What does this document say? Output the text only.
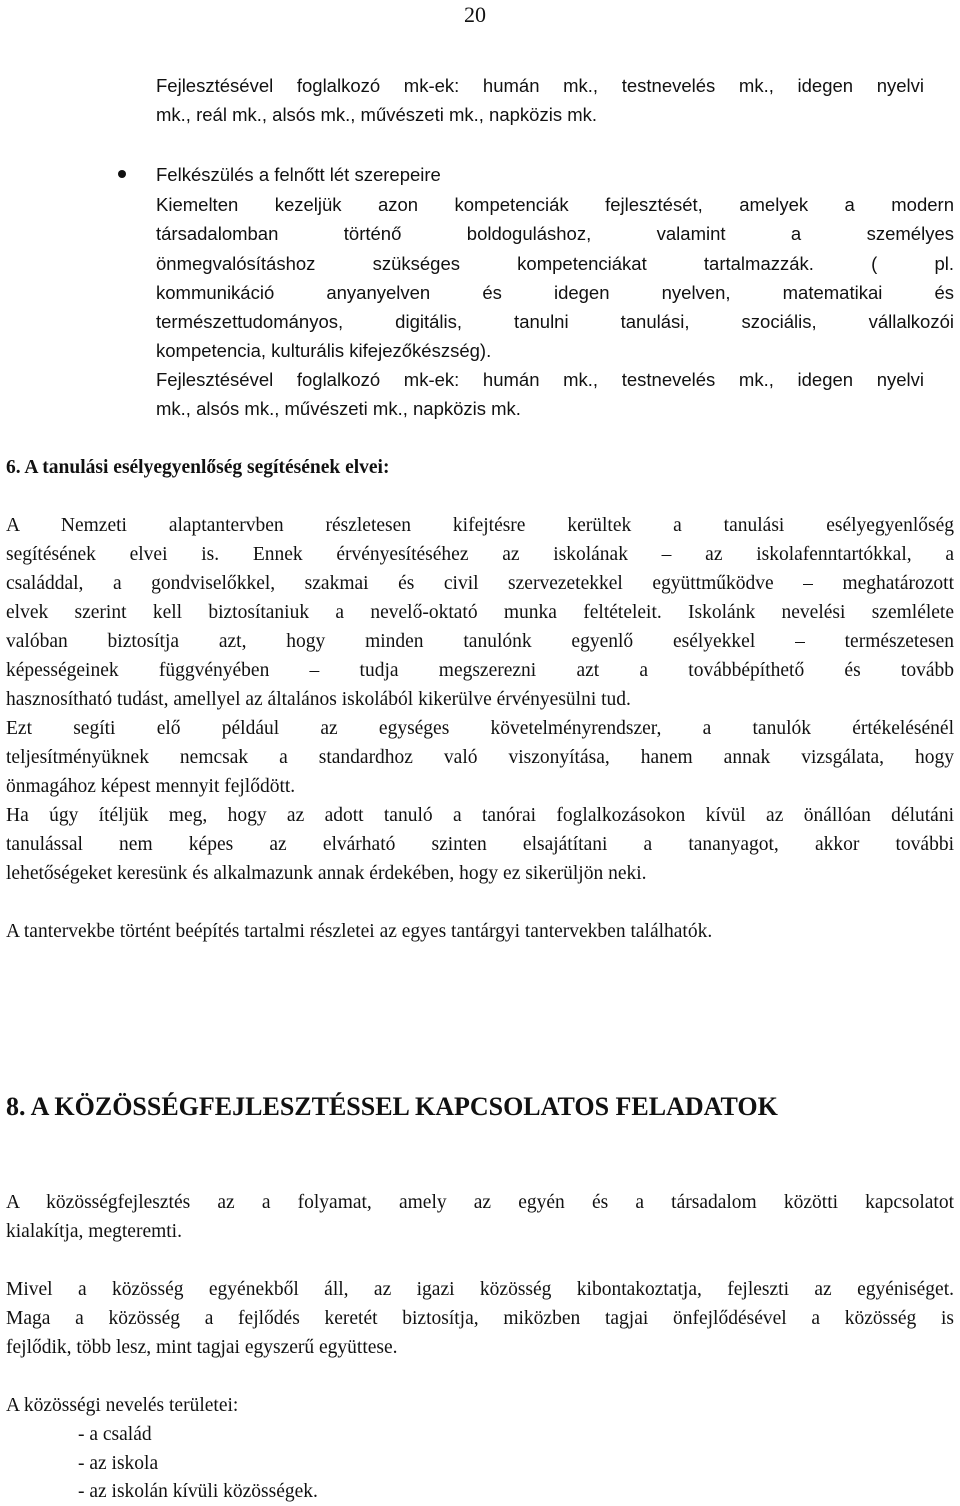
20
Fejlesztésével foglalkozó mk-ek: humán mk., testnevelés mk., idegen nyelvi
mk., reál mk., alsós mk., művészeti mk., napközis mk.
Felkészülés a felnőtt lét szerepeire
Kiemelten kezeljük azon kompetenciák fejlesztését, amelyek a modern
társadalomban történő boldoguláshoz, valamint a személyes
önmegvalósításhoz szükséges kompetenciákat tartalmazzák. ( pl.
kommunikáció anyanyelven és idegen nyelven, matematikai és
természettudományos, digitális, tanulni tanulási, szociális, vállalkozói
kompetencia, kulturális kifejezőkészség).
Fejlesztésével foglalkozó mk-ek: humán mk., testnevelés mk., idegen nyelvi
mk., alsós mk., művészeti mk., napközis mk.
6. A tanulási esélyegyenlőség segítésének elvei:
A Nemzeti alaptantervben részletesen kifejtésre kerültek a tanulási esélyegyenlőség
segítésének elvei is. Ennek érvényesítéséhez az iskolának – az iskolafenntartókkal, a
családdal, a gondviselőkkel, szakmai és civil szervezetekkel együttműködve – meghatározott
elvek szerint kell biztosítaniuk a nevelő-oktató munka feltételeit. Iskolánk nevelési szemlélete
valóban biztosítja azt, hogy minden tanulónk egyenlő esélyekkel – természetesen
képességeinek függvényében – tudja megszerezni azt a továbbépíthető és tovább
hasznosítható tudást, amellyel az általános iskolából kikerülve érvényesülni tud.
Ezt segíti elő például az egységes követelményrendszer, a tanulók értékelésénél
teljesítményüknek nemcsak a standardhoz való viszonyítása, hanem annak vizsgálata, hogy
önmagához képest mennyit fejlődött.
Ha úgy ítéljük meg, hogy az adott tanuló a tanórai foglalkozásokon kívül az önállóan délutáni
tanulással nem képes az elvárható szinten elsajátítani a tananyagot, akkor további
lehetőségeket keresünk és alkalmazunk annak érdekében, hogy ez sikerüljön neki.
A tantervekbe történt beépítés tartalmi részletei az egyes tantárgyi tantervekben találhatók.
8. A KÖZÖSSÉGFEJLESZTÉSSEL KAPCSOLATOS FELADATOK
A közösségfejlesztés az a folyamat, amely az egyén és a társadalom közötti kapcsolatot
kialakítja, megteremti.
Mivel a közösség egyénekből áll, az igazi közösség kibontakoztatja, fejleszti az egyéniséget.
Maga a közösség a fejlődés keretét biztosítja, miközben tagjai önfejlődésével a közösség is
fejlődik, több lesz, mint tagjai egyszerű együttese.
A közösségi nevelés területei:
- a család
- az iskola
- az iskolán kívüli közösségek.
